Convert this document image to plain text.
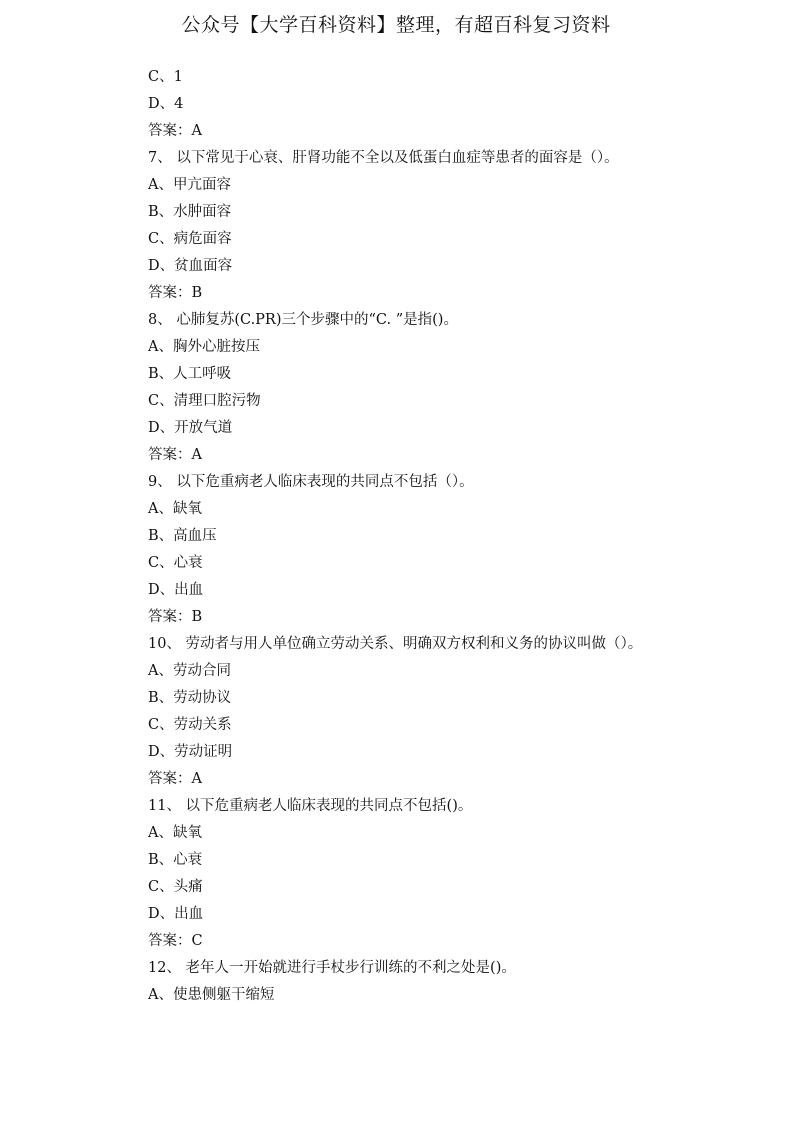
公众号【大学百科资料】整理，有超百科复习资料
C、1
D、4
答案：A
7、 以下常见于心衰、肝肾功能不全以及低蛋白血症等患者的面容是（）。
A、甲亢面容
B、水肿面容
C、病危面容
D、贫血面容
答案：B
8、 心肺复苏(C.PR)三个步骤中的“C. ”是指()。
A、胸外心脏按压
B、人工呼吸
C、清理口腔污物
D、开放气道
答案：A
9、 以下危重病老人临床表现的共同点不包括（）。
A、缺氧
B、高血压
C、心衰
D、出血
答案：B
10、 劳动者与用人单位确立劳动关系、明确双方权利和义务的协议叫做（）。
A、劳动合同
B、劳动协议
C、劳动关系
D、劳动证明
答案：A
11、 以下危重病老人临床表现的共同点不包括()。
A、缺氧
B、心衰
C、头痛
D、出血
答案：C
12、 老年人一开始就进行手杖步行训练的不利之处是()。
A、使患侧躯干缩短
